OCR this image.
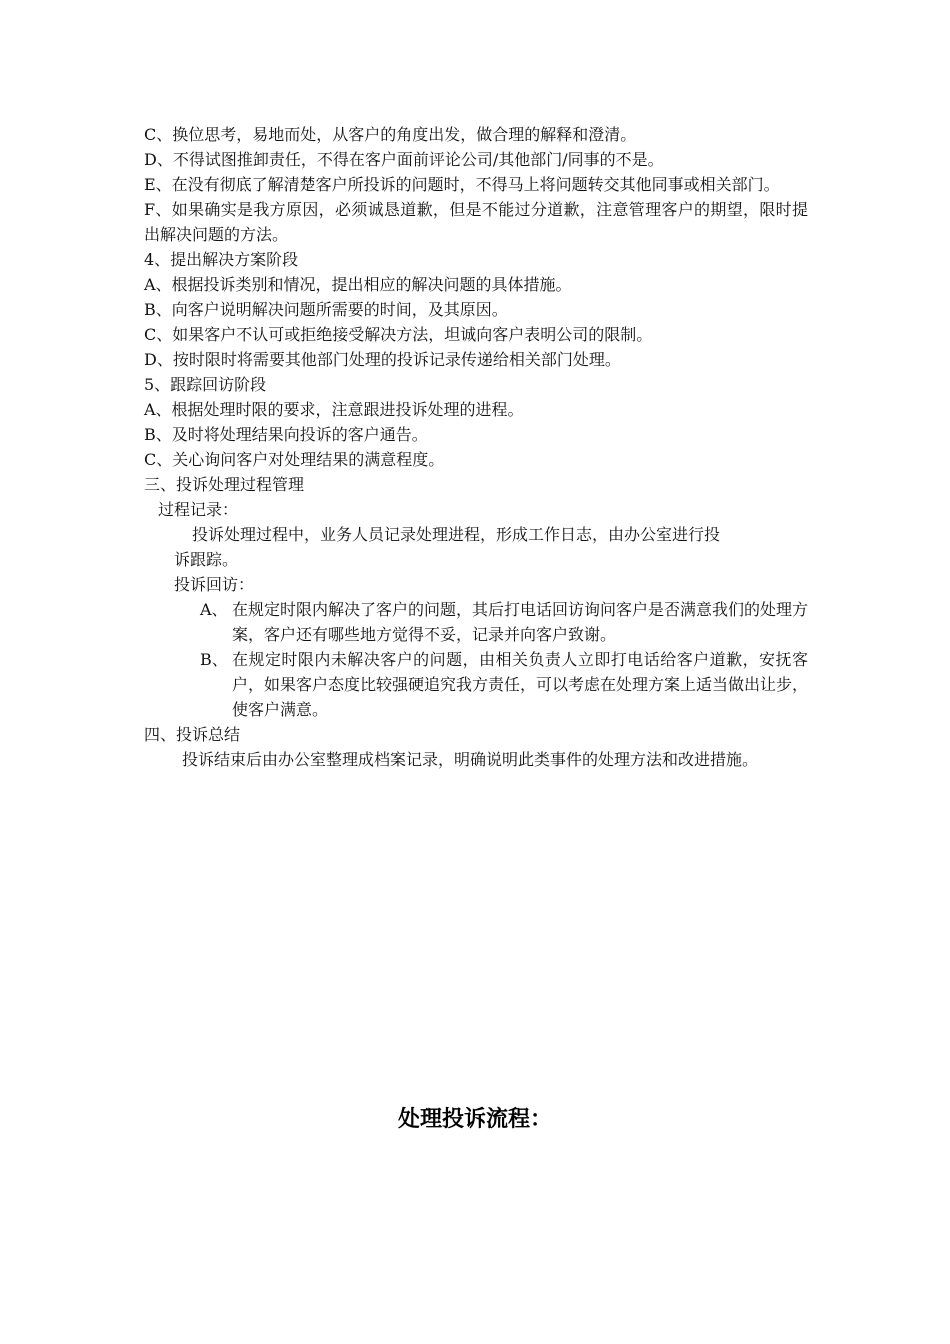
C、换位思考，易地而处，从客户的角度出发，做合理的解释和澄清。

D、不得试图推卸责任，不得在客户面前评论公司/其他部门/同事的不是。

E、在没有彻底了解清楚客户所投诉的问题时，不得马上将问题转交其他同事或相关部门。

F、如果确实是我方原因，必须诚恳道歉，但是不能过分道歉，注意管理客户的期望，限时提出解决问题的方法。

4、提出解决方案阶段

A、根据投诉类别和情况，提出相应的解决问题的具体措施。

B、向客户说明解决问题所需要的时间，及其原因。

C、如果客户不认可或拒绝接受解决方法，坦诚向客户表明公司的限制。

D、按时限时将需要其他部门处理的投诉记录传递给相关部门处理。

5、跟踪回访阶段

A、根据处理时限的要求，注意跟进投诉处理的进程。

B、及时将处理结果向投诉的客户通告。

C、关心询问客户对处理结果的满意程度。

三、投诉处理过程管理

过程记录：

投诉处理过程中，业务人员记录处理进程，形成工作日志，由办公室进行投
诉跟踪。

投诉回访：

A、 在规定时限内解决了客户的问题，其后打电话回访询问客户是否满意我们的处理方案，客户还有哪些地方觉得不妥，记录并向客户致谢。
B、 在规定时限内未解决客户的问题，由相关负责人立即打电话给客户道歉，安抚客户，如果客户态度比较强硬追究我方责任，可以考虑在处理方案上适当做出让步，使客户满意。

四、投诉总结

投诉结束后由办公室整理成档案记录，明确说明此类事件的处理方法和改进措施。

处理投诉流程：
